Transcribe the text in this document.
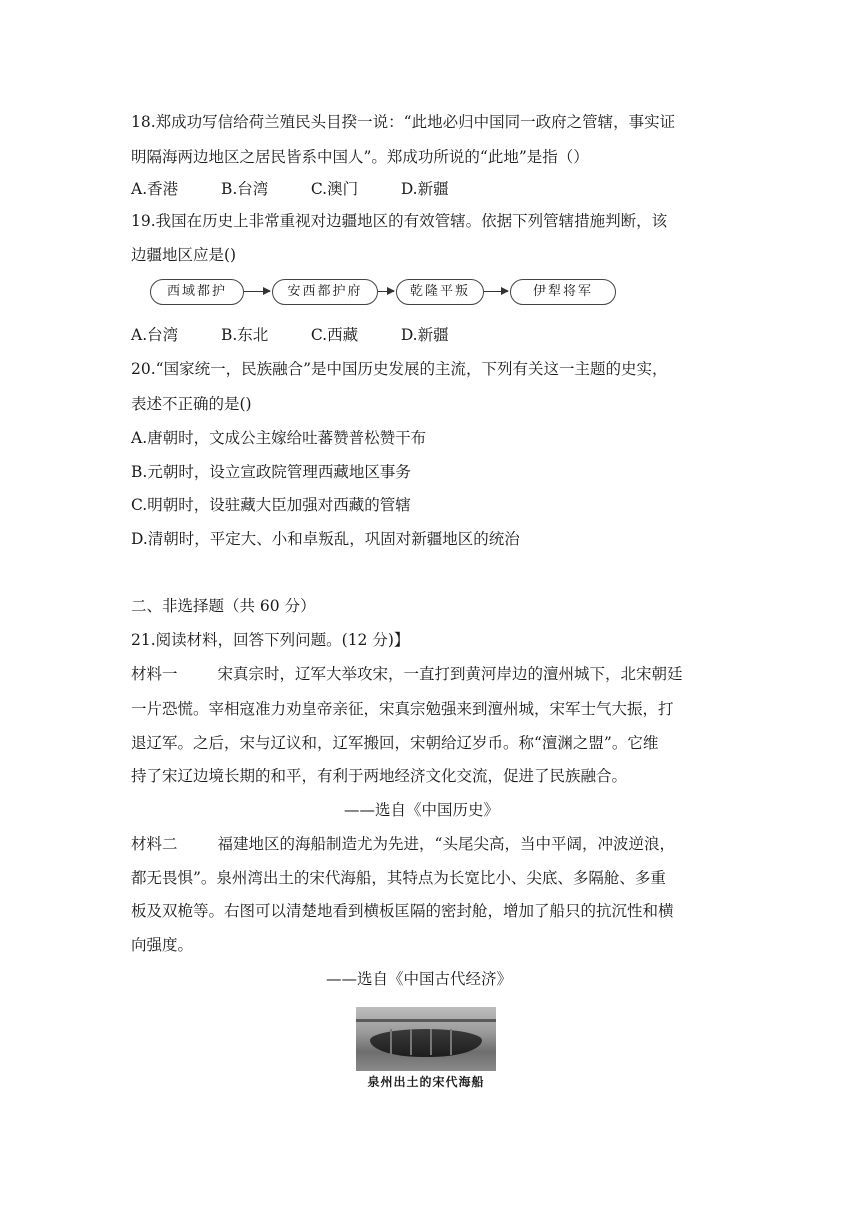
18.郑成功写信给荷兰殖民头目揆一说：“此地必归中国同一政府之管辖，事实证
明隔海两边地区之居民皆系中国人”。郑成功所说的“此地”是指（）
A.香港	B.台湾	C.澳门	D.新疆
19.我国在历史上非常重视对边疆地区的有效管辖。依据下列管辖措施判断，该
边疆地区应是()
西域都护	安西都护府	乾隆平叛	伊犁将军
A.台湾	B.东北	C.西藏	D.新疆
20.“国家统一，民族融合”是中国历史发展的主流，下列有关这一主题的史实，
表述不正确的是()
A.唐朝时，文成公主嫁给吐蕃赞普松赞干布
B.元朝时，设立宣政院管理西藏地区事务
C.明朝时，设驻藏大臣加强对西藏的管辖
D.清朝时，平定大、小和卓叛乱，巩固对新疆地区的统治
二、非选择题（共 60 分）
21.阅读材料，回答下列问题。(12 分)】
材料一	宋真宗时，辽军大举攻宋，一直打到黄河岸边的澶州城下，北宋朝廷
一片恐慌。宰相寇准力劝皇帝亲征，宋真宗勉强来到澶州城，宋军士气大振，打
退辽军。之后，宋与辽议和，辽军搬回，宋朝给辽岁币。称“澶渊之盟”。它维
持了宋辽边境长期的和平，有利于两地经济文化交流，促进了民族融合。
——选自《中国历史》
材料二	福建地区的海船制造尤为先进，“头尾尖高，当中平阔，冲波逆浪，
都无畏惧”。泉州湾出土的宋代海船，其特点为长宽比小、尖底、多隔舱、多重
板及双桅等。右图可以清楚地看到横板匡隔的密封舱，增加了船只的抗沉性和横
向强度。
——选自《中国古代经济》
泉州出土的宋代海船
